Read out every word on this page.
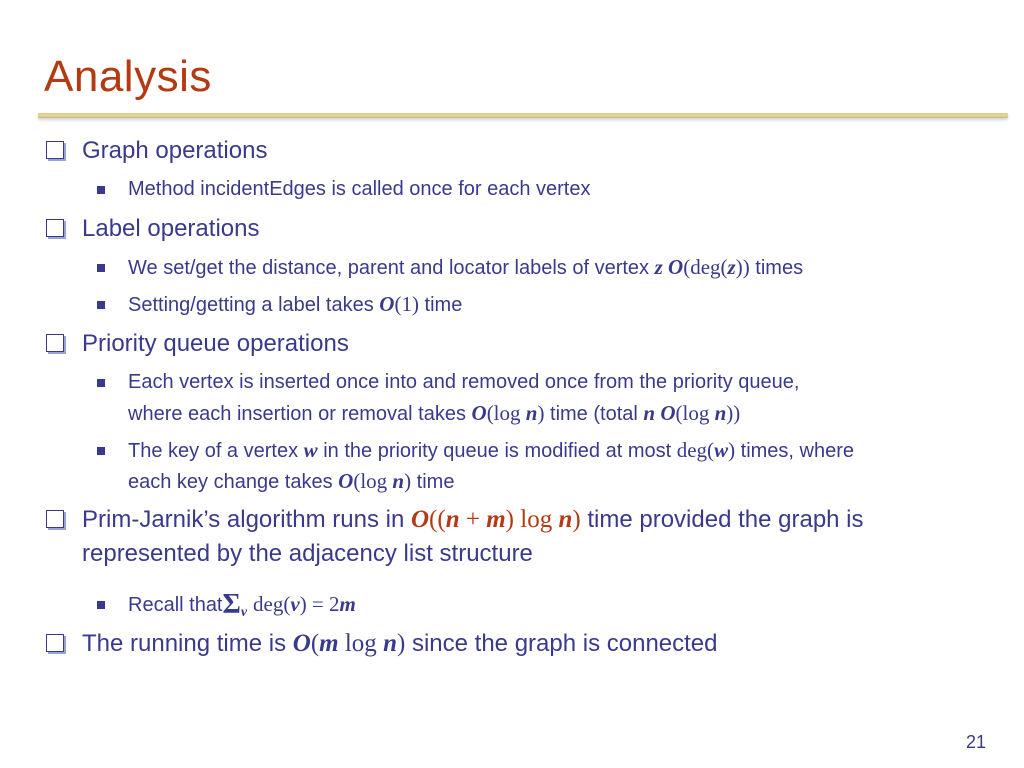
Analysis
Graph operations
Method incidentEdges is called once for each vertex
Label operations
We set/get the distance, parent and locator labels of vertex z O(deg(z)) times
Setting/getting a label takes O(1) time
Priority queue operations
Each vertex is inserted once into and removed once from the priority queue,
where each insertion or removal takes O(log n) time (total n O(log n))
The key of a vertex w in the priority queue is modified at most deg(w) times, where
each key change takes O(log n) time
Prim-Jarnik’s algorithm runs in O((n + m) log n) time provided the graph is
represented by the adjacency list structure
Recall thatΣ$_v$ deg(v) = 2m
The running time is O(m log n) since the graph is connected
21
